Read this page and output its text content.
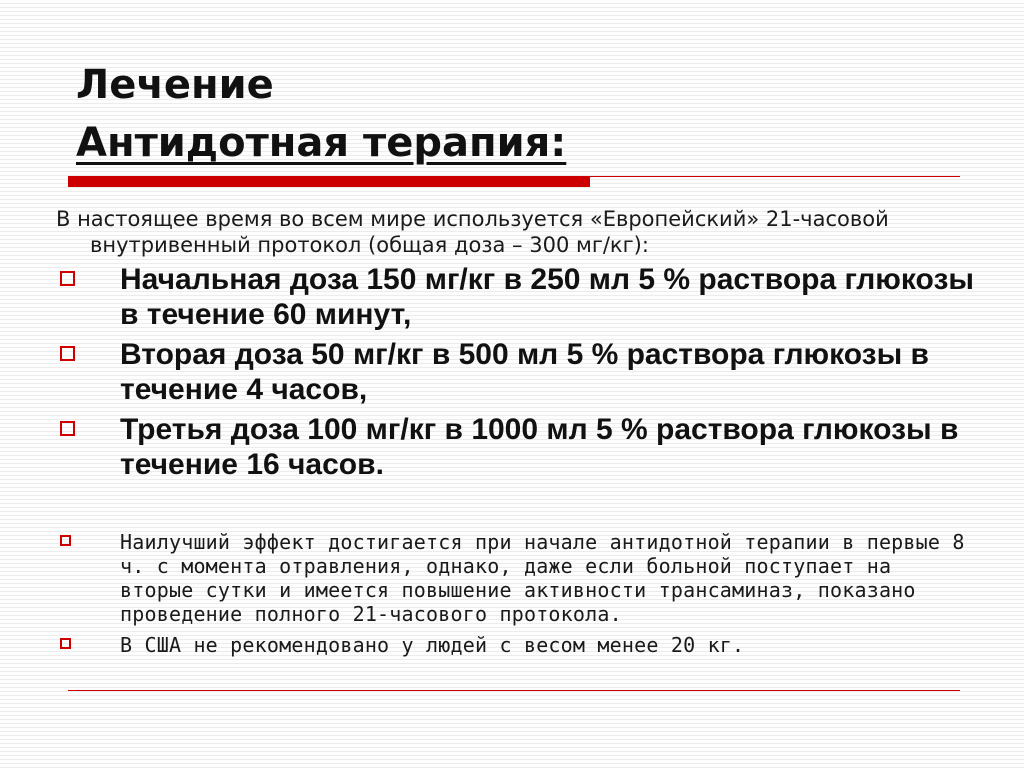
Лечение
Антидотная терапия:

В настоящее время во всем мире используется «Европейский» 21-часовой внутривенный протокол (общая доза – 300 мг/кг):

Начальная доза 150 мг/кг в 250 мл 5 % раствора глюкозы в течение 60 минут,
Вторая доза 50 мг/кг в 500 мл 5 % раствора глюкозы в течение 4 часов,
Третья доза 100 мг/кг в 1000 мл 5 % раствора глюкозы в течение 16 часов.
Наилучший эффект достигается при начале антидотной терапии в первые 8 ч. с момента отравления, однако, даже если больной поступает на вторые сутки и имеется повышение активности трансаминаз, показано проведение полного 21-часового протокола.
В США не рекомендовано у людей с весом менее 20 кг.
